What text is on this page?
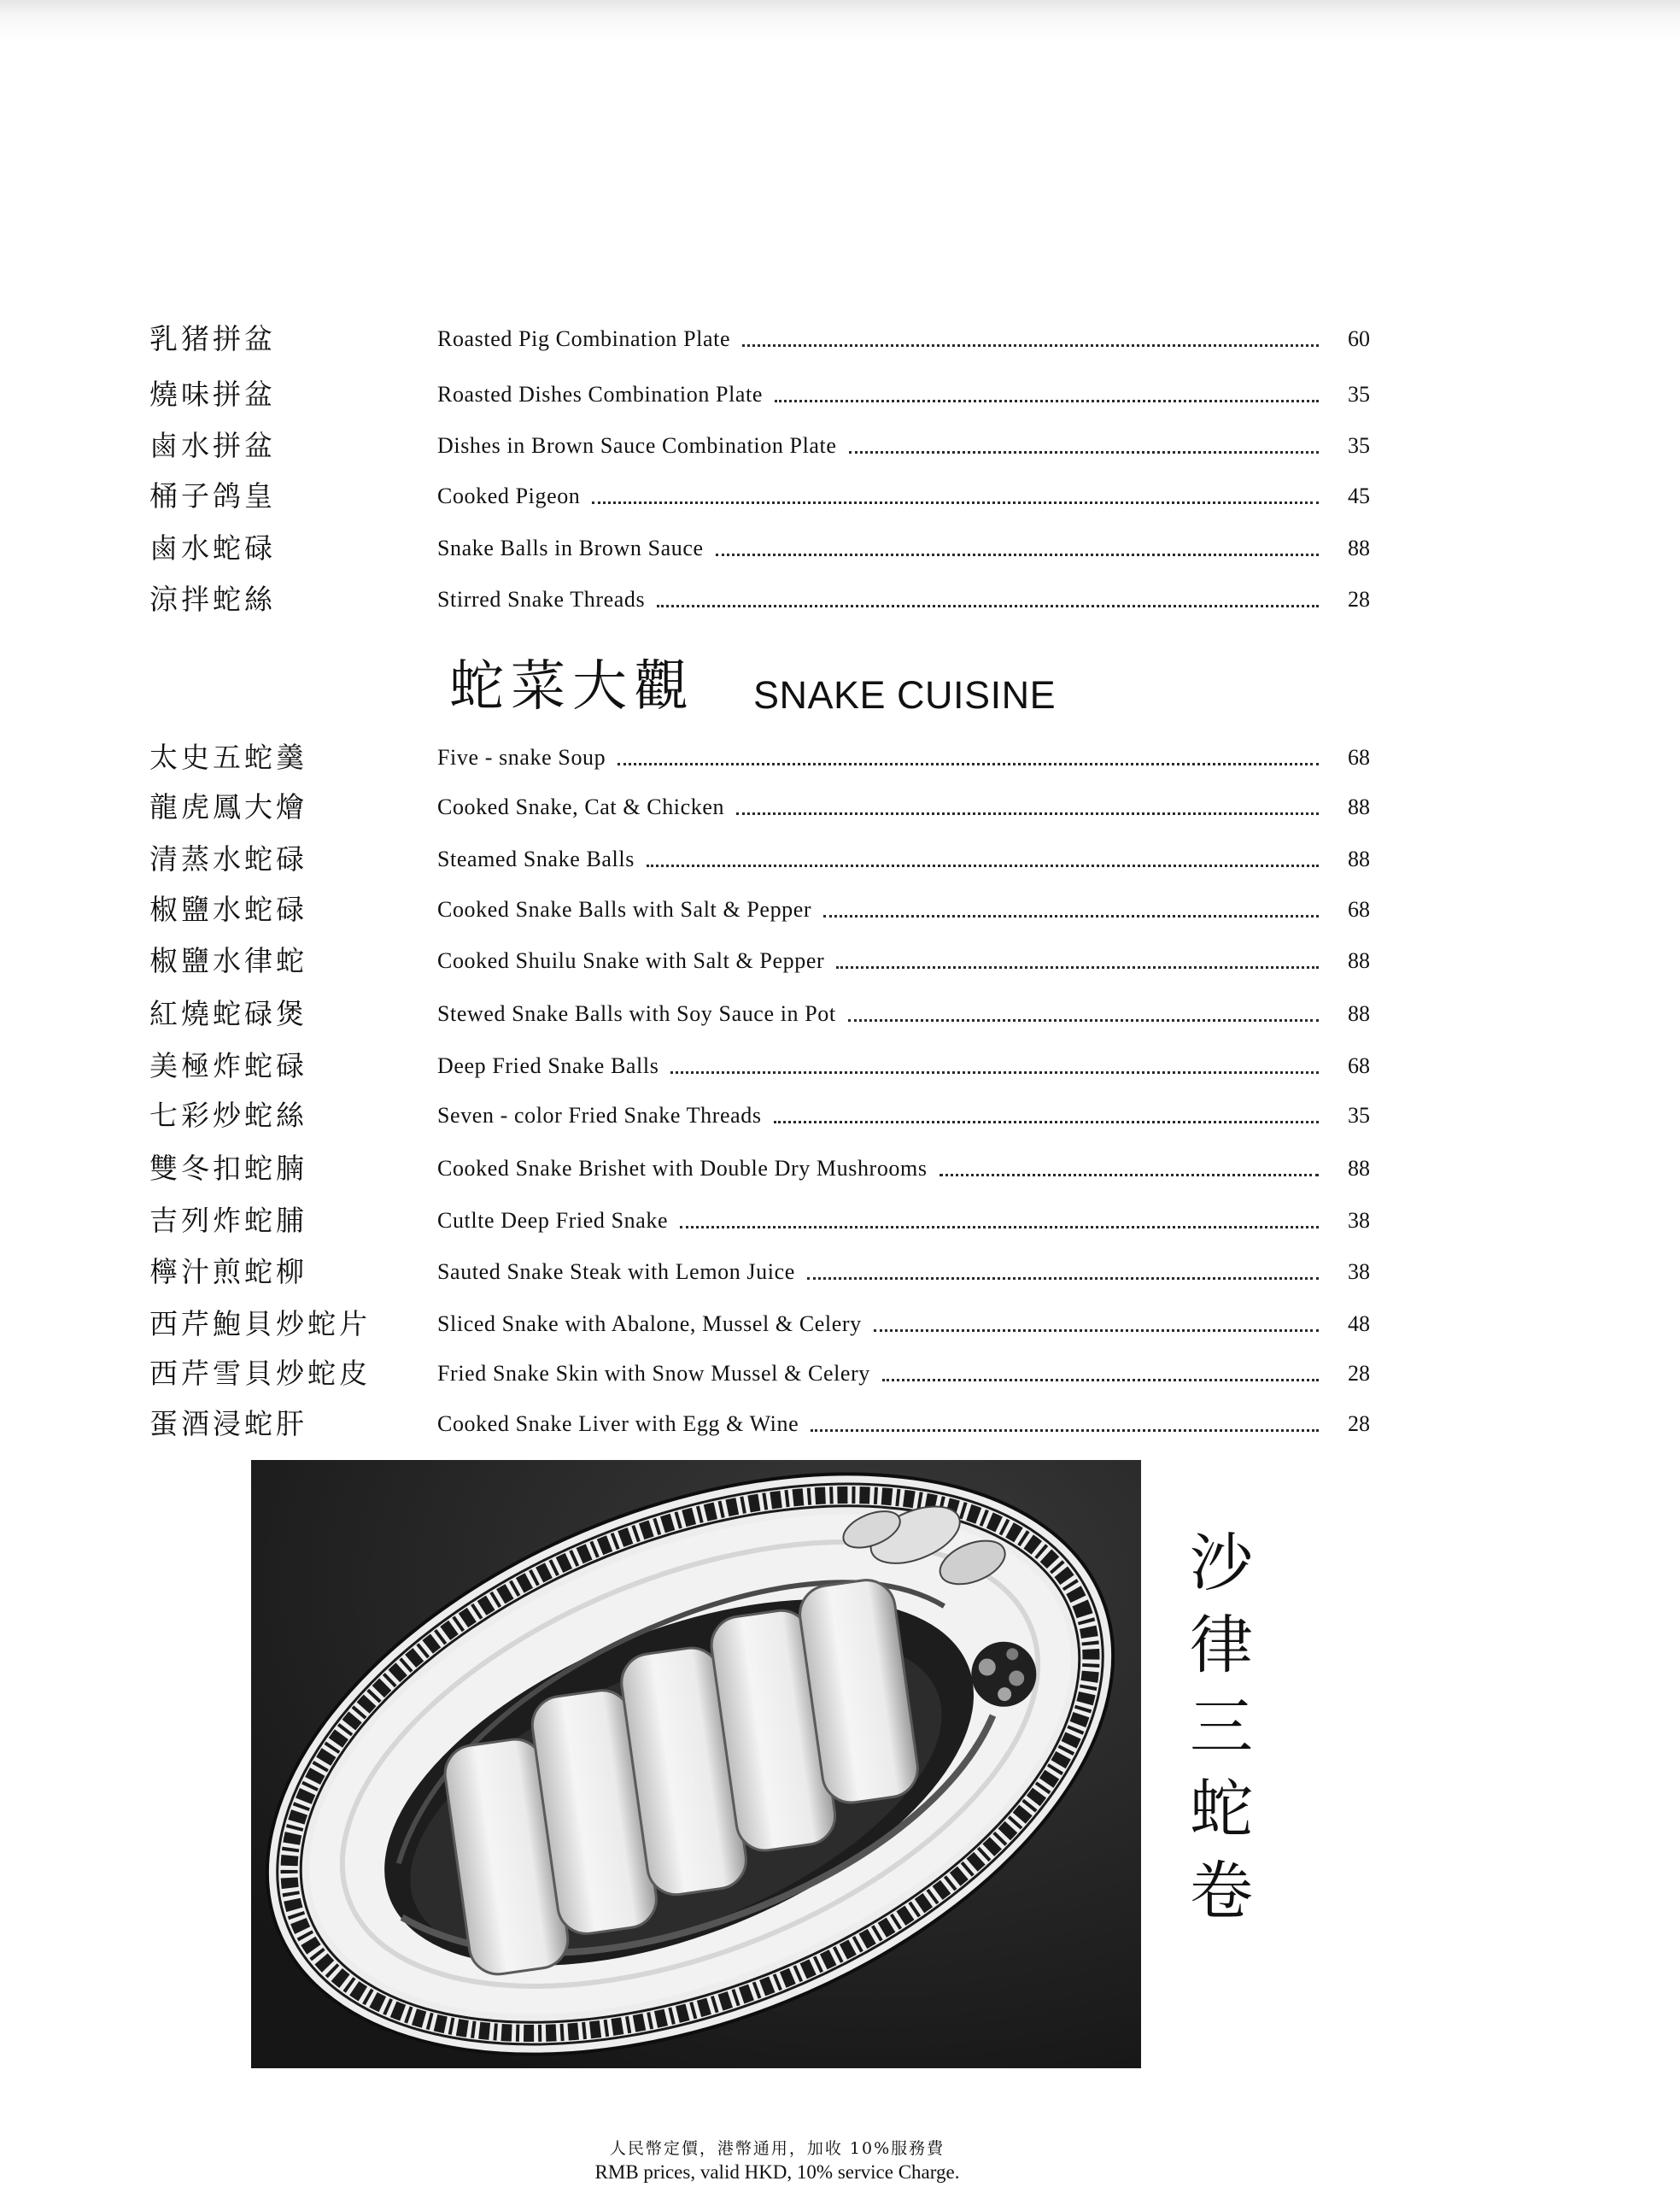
乳猪拼盆	Roasted Pig Combination Plate	60
燒味拼盆	Roasted Dishes Combination Plate	35
鹵水拼盆	Dishes in Brown Sauce Combination Plate	35
桶子鸽皇	Cooked Pigeon	45
鹵水蛇碌	Snake Balls in Brown Sauce	88
涼拌蛇絲	Stirred Snake Threads	28
蛇菜大觀 SNAKE CUISINE
太史五蛇羹	Five - snake Soup	68
龍虎鳳大燴	Cooked Snake, Cat & Chicken	88
清蒸水蛇碌	Steamed Snake Balls	88
椒鹽水蛇碌	Cooked Snake Balls with Salt & Pepper	68
椒鹽水律蛇	Cooked Shuilu Snake with Salt & Pepper	88
紅燒蛇碌煲	Stewed Snake Balls with Soy Sauce in Pot	88
美極炸蛇碌	Deep Fried Snake Balls	68
七彩炒蛇絲	Seven - color Fried Snake Threads	35
雙冬扣蛇腩	Cooked Snake Brishet with Double Dry Mushrooms	88
吉列炸蛇脯	Cutlte Deep Fried Snake	38
檸汁煎蛇柳	Sauted Snake Steak with Lemon Juice	38
西芹鮑貝炒蛇片	Sliced Snake with Abalone, Mussel & Celery	48
西芹雪貝炒蛇皮	Fried Snake Skin with Snow Mussel & Celery	28
蛋酒浸蛇肝	Cooked Snake Liver with Egg & Wine	28
沙律三蛇卷
人民幣定價，港幣通用，加收 10%服務費
RMB prices, valid HKD, 10% service Charge.
